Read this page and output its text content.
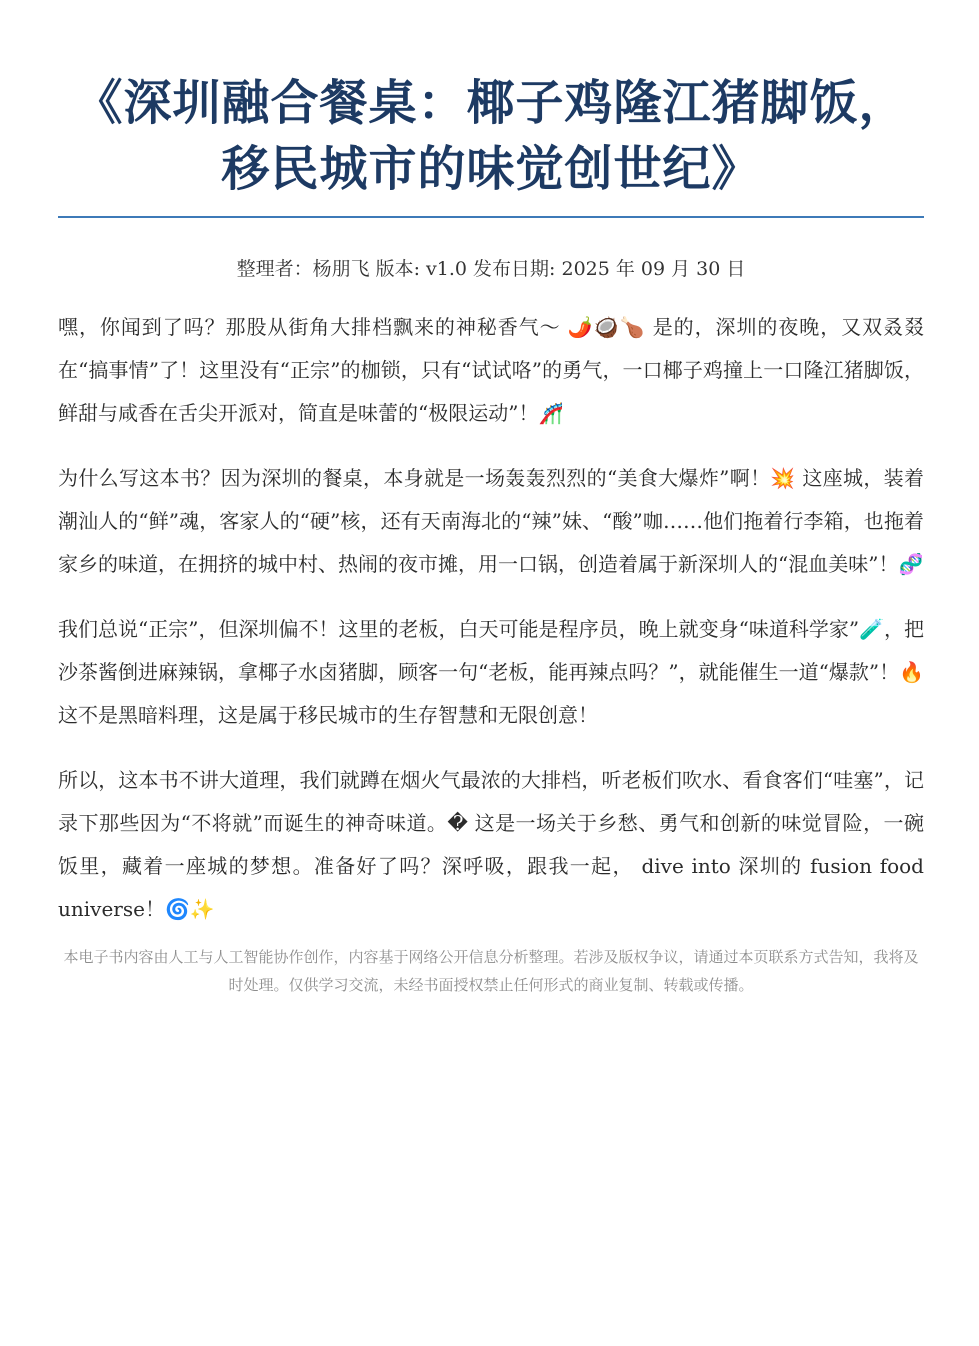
《深圳融合餐桌：椰子鸡隆江猪脚饭，移民城市的味觉创世纪》
整理者：杨朋飞 版本: v1.0 发布日期: 2025 年 09 月 30 日

嘿，你闻到了吗？那股从街角大排档飘来的神秘香气～ 🌶️🥥🍗 是的，深圳的夜晚，又双叒叕在“搞事情”了！这里没有“正宗”的枷锁，只有“试试咯”的勇气，一口椰子鸡撞上一口隆江猪脚饭，鲜甜与咸香在舌尖开派对，简直是味蕾的“极限运动”！🎢

为什么写这本书？因为深圳的餐桌，本身就是一场轰轰烈烈的“美食大爆炸”啊！💥 这座城，装着潮汕人的“鲜”魂，客家人的“硬”核，还有天南海北的“辣”妹、“酸”咖……他们拖着行李箱，也拖着家乡的味道，在拥挤的城中村、热闹的夜市摊，用一口锅，创造着属于新深圳人的“混血美味”！🧬

我们总说“正宗”，但深圳偏不！这里的老板，白天可能是程序员，晚上就变身“味道科学家”🧪，把沙茶酱倒进麻辣锅，拿椰子水卤猪脚，顾客一句“老板，能再辣点吗？”，就能催生一道“爆款”！🔥 这不是黑暗料理，这是属于移民城市的生存智慧和无限创意！

所以，这本书不讲大道理，我们就蹲在烟火气最浓的大排档，听老板们吹水、看食客们“哇塞”，记录下那些因为“不将就”而诞生的神奇味道。� 这是一场关于乡愁、勇气和创新的味觉冒险，一碗饭里，藏着一座城的梦想。准备好了吗？深呼吸，跟我一起， dive into 深圳的 fusion food universe！🌀✨

本电子书内容由人工与人工智能协作创作，内容基于网络公开信息分析整理。若涉及版权争议，请通过本页联系方式告知，我将及时处理。仅供学习交流，未经书面授权禁止任何形式的商业复制、转载或传播。
